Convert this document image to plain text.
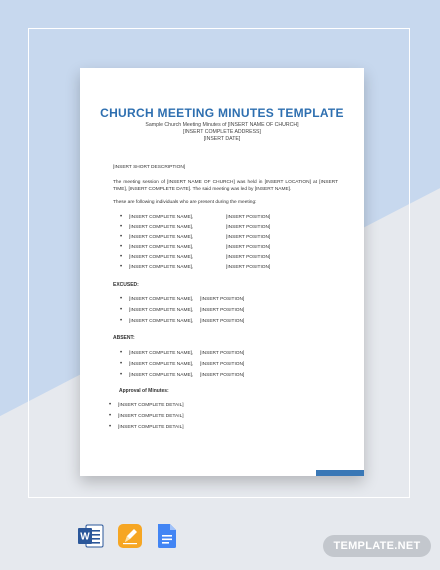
CHURCH MEETING MINUTES TEMPLATE
Sample Church Meeting Minutes of [INSERT NAME OF CHURCH]
[INSERT COMPLETE ADDRESS]
[INSERT DATE]
[INSERT SHORT DESCRIPTION]
The meeting session of [INSERT NAME OF CHURCH] was held in [INSERT LOCATION] at [INSERT TIME], [INSERT COMPLETE DATE]. The said meeting was led by [INSERT NAME].
These are following individuals who are present during the meeting:
• [INSERT COMPLETE NAME],	[INSERT POSITION]
• [INSERT COMPLETE NAME],	[INSERT POSITION]
• [INSERT COMPLETE NAME],	[INSERT POSITION]
• [INSERT COMPLETE NAME],	[INSERT POSITION]
• [INSERT COMPLETE NAME],	[INSERT POSITION]
• [INSERT COMPLETE NAME],	[INSERT POSITION]
EXCUSED:
• [INSERT COMPLETE NAME], [INSERT POSITION]
• [INSERT COMPLETE NAME], [INSERT POSITION]
• [INSERT COMPLETE NAME], [INSERT POSITION]
ABSENT:
• [INSERT COMPLETE NAME], [INSERT POSITION]
• [INSERT COMPLETE NAME], [INSERT POSITION]
• [INSERT COMPLETE NAME], [INSERT POSITION]
Approval of Minutes:
• [INSERT COMPLETE DETAIL]
• [INSERT COMPLETE DETAIL]
• [INSERT COMPLETE DETAIL]
W
TEMPLATE.NET
